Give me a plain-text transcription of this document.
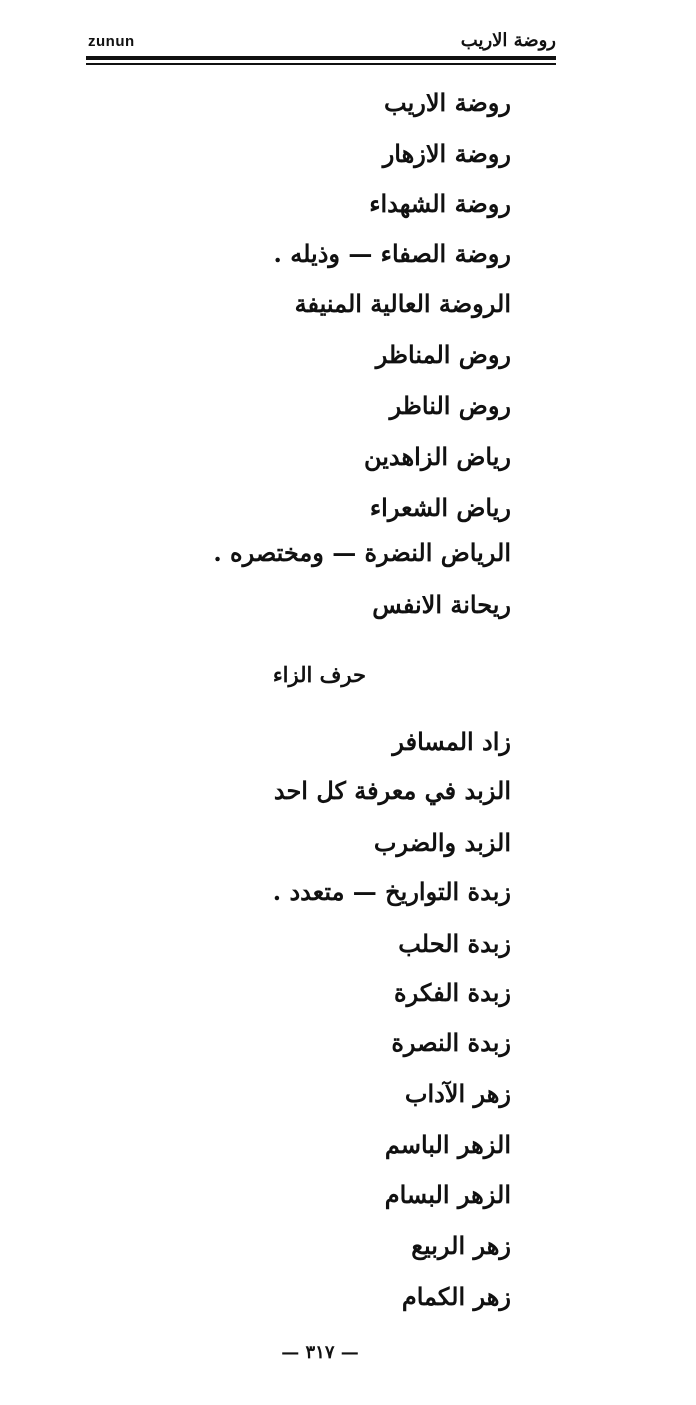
zunun	روضة الاريب
روضة الاريب
روضة الازهار
روضة الشهداء
روضة الصفاء — وذيله .
الروضة العالية المنيفة
روض المناظر
روض الناظر
رياض الزاهدين
رياض الشعراء
الرياض النضرة — ومختصره .
ريحانة الانفس
حرف الزاء
زاد المسافر
الزبد في معرفة كل احد
الزبد والضرب
زبدة التواريخ — متعدد .
زبدة الحلب
زبدة الفكرة
زبدة النصرة
زهر الآداب
الزهر الباسم
الزهر البسام
زهر الربيع
زهر الكمام
— ٣١٧ —
